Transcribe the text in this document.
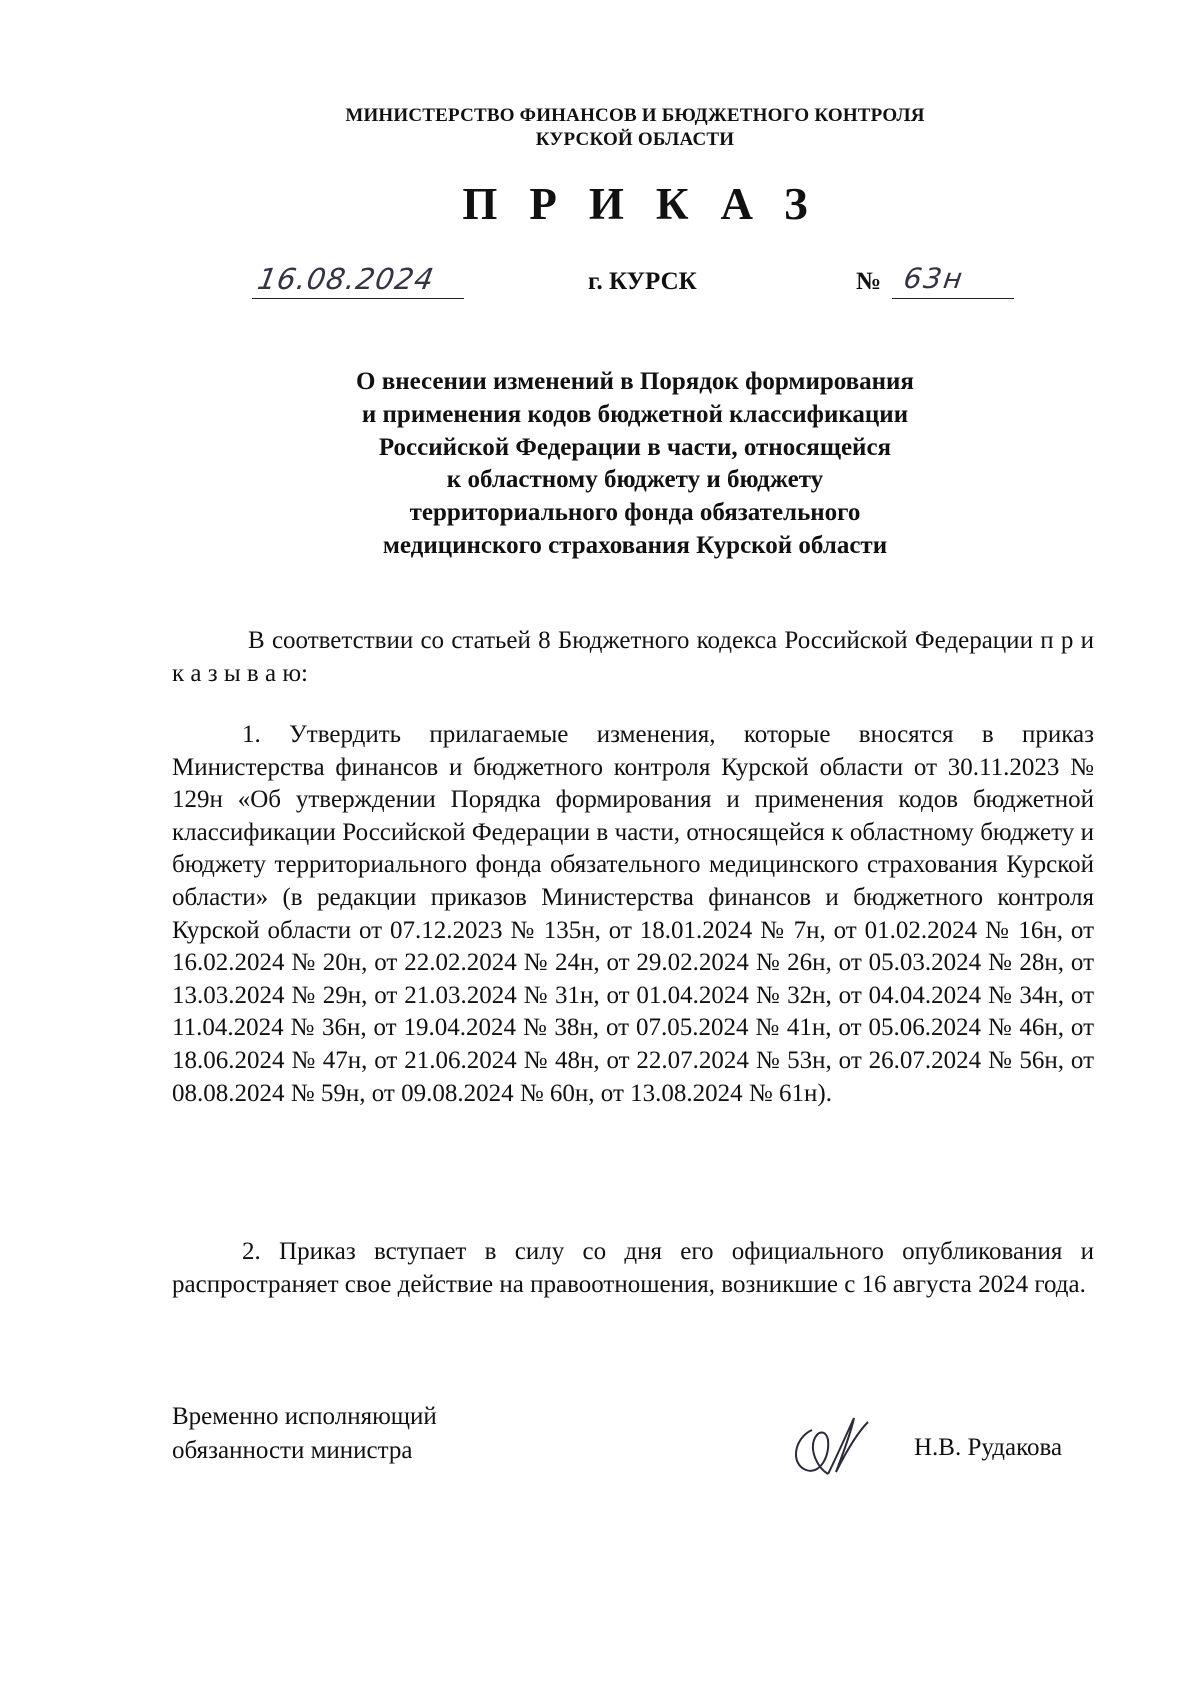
МИНИСТЕРСТВО ФИНАНСОВ И БЮДЖЕТНОГО КОНТРОЛЯ
КУРСКОЙ ОБЛАСТИ
ПРИКАЗ
16.08.2024	г. КУРСК	№ 63н
О внесении изменений в Порядок формирования
и применения кодов бюджетной классификации
Российской Федерации в части, относящейся
к областному бюджету и бюджету
территориального фонда обязательного
медицинского страхования Курской области
В соответствии со статьей 8 Бюджетного кодекса Российской Федерации п р и к а з ы в а ю:
1. Утвердить прилагаемые изменения, которые вносятся в приказ Министерства финансов и бюджетного контроля Курской области от 30.11.2023 № 129н «Об утверждении Порядка формирования и применения кодов бюджетной классификации Российской Федерации в части, относящейся к областному бюджету и бюджету территориального фонда обязательного медицинского страхования Курской области» (в редакции приказов Министерства финансов и бюджетного контроля Курской области от 07.12.2023 № 135н, от 18.01.2024 № 7н, от 01.02.2024 № 16н, от 16.02.2024 № 20н, от 22.02.2024 № 24н, от 29.02.2024 № 26н, от 05.03.2024 № 28н, от 13.03.2024 № 29н, от 21.03.2024 № 31н, от 01.04.2024 № 32н, от 04.04.2024 № 34н, от 11.04.2024 № 36н, от 19.04.2024 № 38н, от 07.05.2024 № 41н, от 05.06.2024 № 46н, от 18.06.2024 № 47н, от 21.06.2024 № 48н, от 22.07.2024 № 53н, от 26.07.2024 № 56н, от 08.08.2024 № 59н, от 09.08.2024 № 60н, от 13.08.2024 № 61н).
2. Приказ вступает в силу со дня его официального опубликования и распространяет свое действие на правоотношения, возникшие с 16 августа 2024 года.
Временно исполняющий
обязанности министра	Н.В. Рудакова
